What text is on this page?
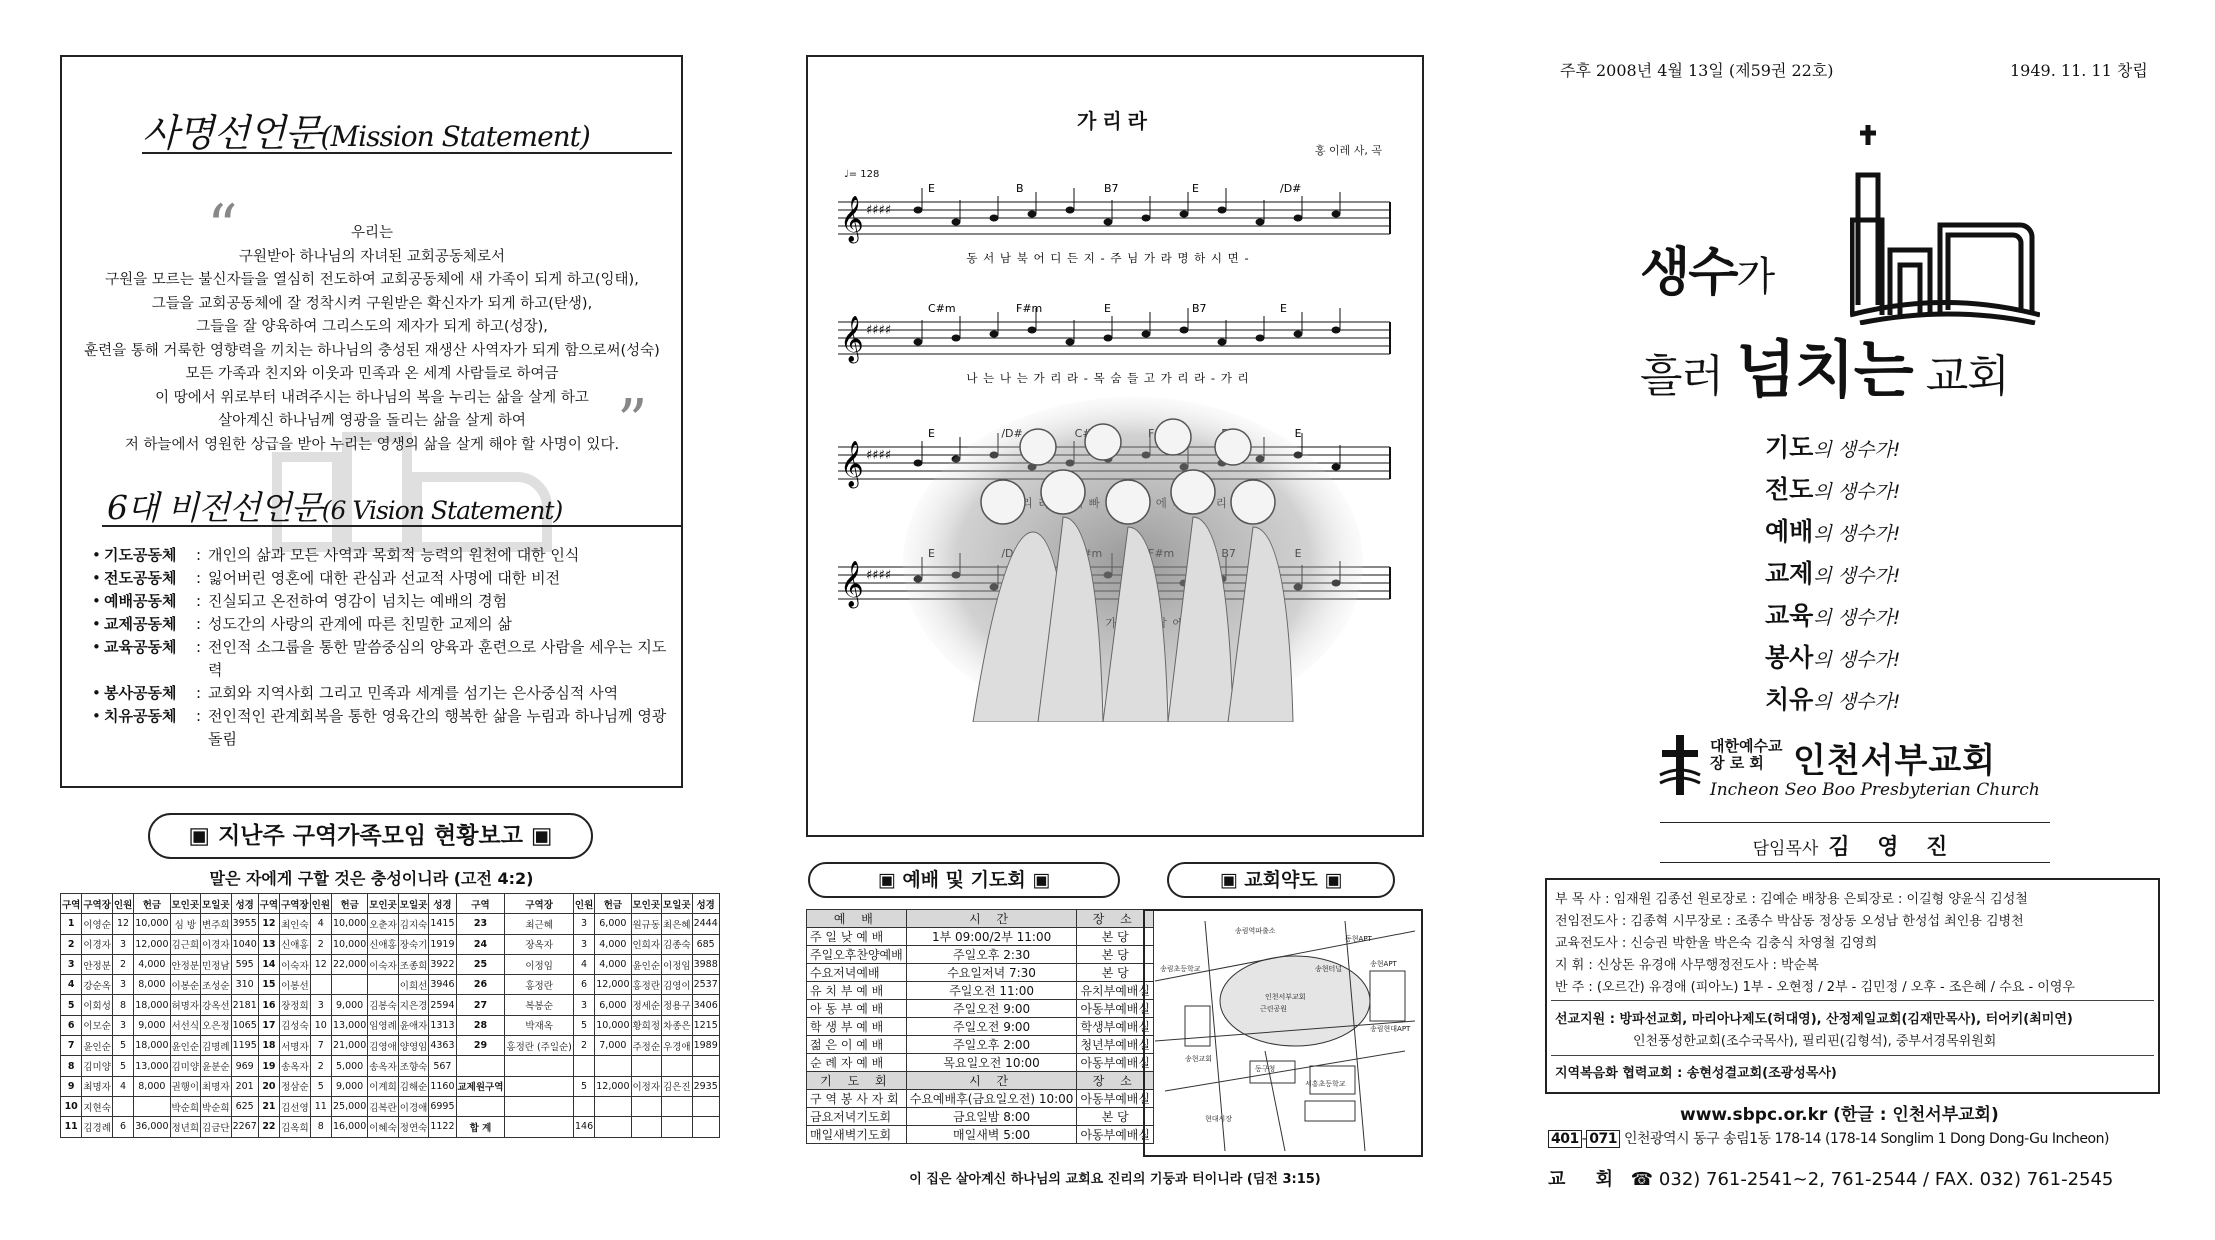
사명선언문(Mission Statement)
“	우리는
구원받아 하나님의 자녀된 교회공동체로서
구원을 모르는 불신자들을 열심히 전도하여 교회공동체에 새 가족이 되게 하고(잉태),
그들을 교회공동체에 잘 정착시켜 구원받은 확신자가 되게 하고(탄생),
그들을 잘 양육하여 그리스도의 제자가 되게 하고(성장),
훈련을 통해 거룩한 영향력을 끼치는 하나님의 충성된 재생산 사역자가 되게 함으로써(성숙)
모든 가족과 친지와 이웃과 민족과 온 세계 사람들로 하여금
이 땅에서 위로부터 내려주시는 하나님의 복을 누리는 삶을 살게 하고
살아계신 하나님께 영광을 돌리는 삶을 살게 하여
저 하늘에서 영원한 상급을 받아 누리는 영생의 삶을 살게 해야 할 사명이 있다.
”
6대 비전선언문(6 Vision Statement)
• 기도공동체	: 개인의 삶과 모든 사역과 목회적 능력의 원천에 대한 인식
• 전도공동체	: 잃어버린 영혼에 대한 관심과 선교적 사명에 대한 비전
• 예배공동체	: 진실되고 온전하여 영감이 넘치는 예배의 경험
• 교제공동체	: 성도간의 사랑의 관계에 따른 친밀한 교제의 삶
• 교육공동체	: 전인적 소그룹을 통한 말씀중심의 양육과 훈련으로 사람을 세우는 지도력
• 봉사공동체	: 교회와 지역사회 그리고 민족과 세계를 섬기는 은사중심적 사역
• 치유공동체	: 전인적인 관계회복을 통한 영육간의 행복한 삶을 누림과 하나님께 영광돌림
▣ 지난주 구역가족모임 현황보고 ▣
말은 자에게 구할 것은 충성이니라 (고전 4:2)
구역	구역장	인원	헌금	모인곳	모일곳	성경	구역	구역장	인원	헌금	모인곳	모일곳	성경	구역	구역장	인원	헌금	모인곳	모일곳	성경
1	이영순	12	10,000	심 방	변주희	3955	12	최인숙	4	10,000	오춘자	김지숙	1415	23	최근혜	3	6,000	원규동	최은혜	2444
2	이경자	3	12,000	김근희	이경자	1040	13	신애홍	2	10,000	신애홍	장숙기	1919	24	장옥자	3	4,000	인희자	김종숙	685
3	안정분	2	4,000	안정분	민정남	595	14	이숙자	12	22,000	이숙자	조종희	3922	25	이정임	4	4,000	윤인순	이정임	3988
4	강순옥	3	8,000	이봉순	조성순	310	15	이봉선				이희선	3946	26	홍정란	6	12,000	홍정란	김영이	2537
5	이회성	8	18,000	허명자	강옥선	2181	16	장정희	3	9,000	김봉숙	지은경	2594	27	복봉순	3	6,000	정세순	정용구	3406
6	이모순	3	9,000	서선식	오은정	1065	17	김성숙	10	13,000	임영례	윤애자	1313	28	박재옥	5	10,000	황희정	차종은	1215
7	윤인순	5	18,000	윤인순	김명례	1195	18	서명자	7	21,000	김영애	양영임	4363	29	홍정란 (주일순)	2	7,000	주정순	우경애	1989
8	김미양	5	13,000	김미양	윤분순	969	19	송옥자	2	5,000	송옥자	조향숙	567							
9	최명자	4	8,000	권행이	최명자	201	20	정삼순	5	9,000	이계희	김해순	1160	교제원구역		5	12,000	이정자	김은진	2935
10	지현숙			박순희	박순희	625	21	김선영	11	25,000	김복란	이경애	6995							
11	김경례	6	36,000	정년희	김금단	2267	22	김옥희	8	16,000	이혜숙	정연숙	1122	합 계		146				
가리라
홍 이레 사, 곡
♩= 128
𝄞 ♯♯♯♯
E	B	B7	E	/D#
동 서 남 북 어 디 든 지 - 주 님 가 라 명 하 시 면 -
𝄞 ♯♯♯♯
C#m	F#m	E	B7	E
나 는 나 는 가 리 라 - 목 숨 들 고 가 리 라 - 가 리
𝄞 ♯♯♯♯
E	E
𝄞 ♯♯♯♯
▣ 예배 및 기도회 ▣	▣ 교회약도 ▣
예 배	시 간	장 소
주 일 낮 예 배	1부 09:00/2부 11:00	본 당
주일오후찬양예배	주일오후 2:30	본 당
수요저녁예배	수요일저녁 7:30	본 당
유 치 부 예 배	주일오전 11:00	유치부예배실
아 동 부 예 배	주일오전 9:00	아동부예배실
학 생 부 예 배	주일오전 9:00	학생부예배실
젊 은 이 예 배	주일오후 2:00	청년부예배실
순 례 자 예 배	목요일오전 10:00	아동부예배실
기 도 회	시 간	장 소
구 역 봉 사 자 회	수요예배후(금요일오전) 10:00	아동부예배실
금요저녁기도회	금요일밤 8:00	본 당
매일새벽기도회	매일새벽 5:00	아동부예배실
송림역파출소
동현APT
송림초등학교
송현APT
송현교회
현대시장
인천서부교회
근린공원
송림현대APT
서흥초등학교
동구청
송현터널
이 집은 살아계신 하나님의 교회요 진리의 기둥과 터이니라 (딤전 3:15)
주후 2008년 4월 13일 (제59권 22호)	1949. 11. 11 창립
생수가
흘러 넘치는 교회
기도의 생수가!
전도의 생수가!
예배의 생수가!
교제의 생수가!
교육의 생수가!
봉사의 생수가!
치유의 생수가!
대한예수교
장 로 회 인천서부교회
Incheon Seo Boo Presbyterian Church
담임목사 김 영 진
부 목 사 : 임재원 김종선 원로장로 : 김예순 배창용 은퇴장로 : 이길형 양윤식 김성철
전임전도사 : 김종혁 시무장로 : 조종수 박삼동 정상동 오성남 한성섭 최인용 김병천
교육전도사 : 신승권 박한울 박은숙 김충식 차영철 김영희
지 휘 : 신상돈 유경애 사무행정전도사 : 박순복
반 주 : (오르간) 유경애 (피아노) 1부 - 오현정 / 2부 - 김민정 / 오후 - 조은혜 / 수요 - 이영우
선교지원 : 방파선교회, 마리아나제도(허대영), 산정제일교회(김재만목사), 터어키(최미연)
인천풍성한교회(조수국목사), 필리핀(김형석), 중부서경목위원회
지역복음화 협력교회 : 송현성결교회(조광성목사)
www.sbpc.or.kr (한글 : 인천서부교회)
401 - 071 인천광역시 동구 송림1동 178-14 (178-14 Songlim 1 Dong Dong-Gu Incheon)
교 회 ☎ 032) 761-2541~2, 761-2544 / FAX. 032) 761-2545
